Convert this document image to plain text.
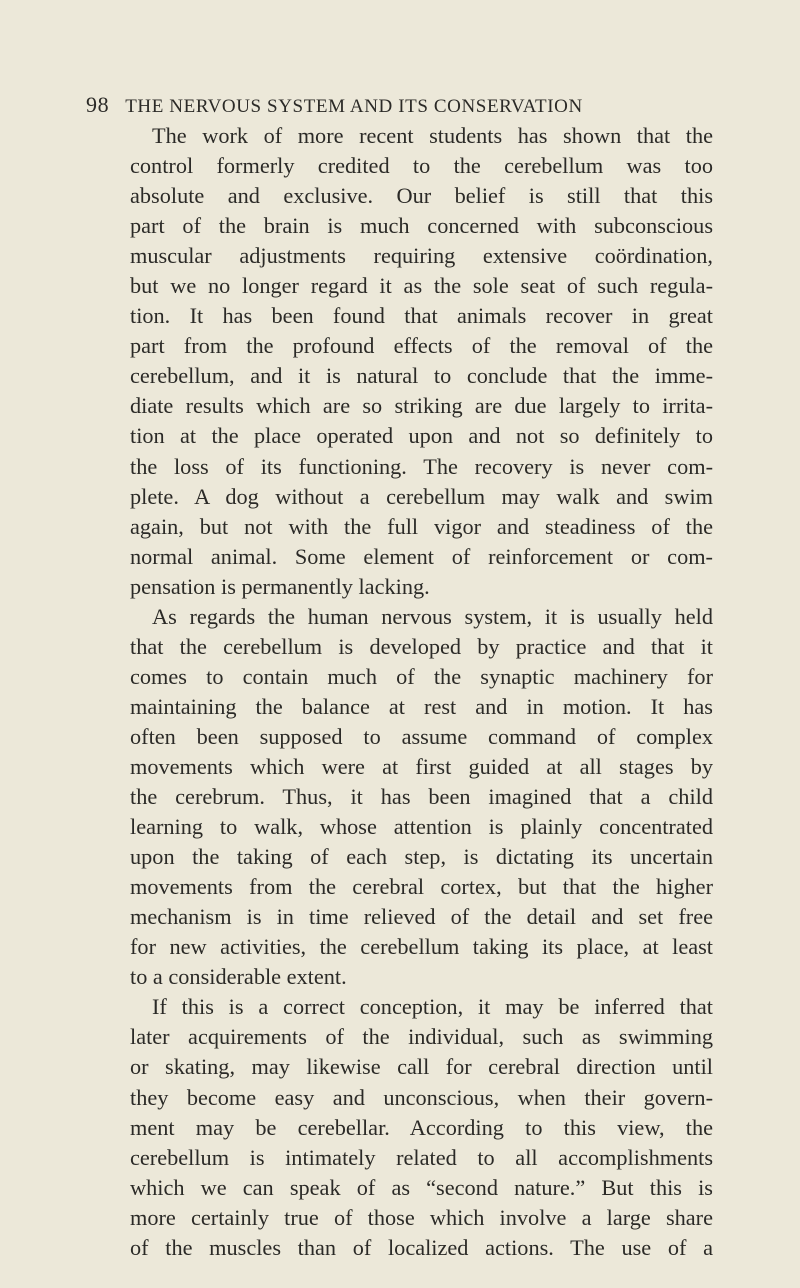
98 THE NERVOUS SYSTEM AND ITS CONSERVATION
The work of more recent students has shown that the
control formerly credited to the cerebellum was too
absolute and exclusive. Our belief is still that this
part of the brain is much concerned with subconscious
muscular adjustments requiring extensive coördination,
but we no longer regard it as the sole seat of such regula-
tion. It has been found that animals recover in great
part from the profound effects of the removal of the
cerebellum, and it is natural to conclude that the imme-
diate results which are so striking are due largely to irrita-
tion at the place operated upon and not so definitely to
the loss of its functioning. The recovery is never com-
plete. A dog without a cerebellum may walk and swim
again, but not with the full vigor and steadiness of the
normal animal. Some element of reinforcement or com-
pensation is permanently lacking.
As regards the human nervous system, it is usually held
that the cerebellum is developed by practice and that it
comes to contain much of the synaptic machinery for
maintaining the balance at rest and in motion. It has
often been supposed to assume command of complex
movements which were at first guided at all stages by
the cerebrum. Thus, it has been imagined that a child
learning to walk, whose attention is plainly concentrated
upon the taking of each step, is dictating its uncertain
movements from the cerebral cortex, but that the higher
mechanism is in time relieved of the detail and set free
for new activities, the cerebellum taking its place, at least
to a considerable extent.
If this is a correct conception, it may be inferred that
later acquirements of the individual, such as swimming
or skating, may likewise call for cerebral direction until
they become easy and unconscious, when their govern-
ment may be cerebellar. According to this view, the
cerebellum is intimately related to all accomplishments
which we can speak of as “second nature.” But this is
more certainly true of those which involve a large share
of the muscles than of localized actions. The use of a
